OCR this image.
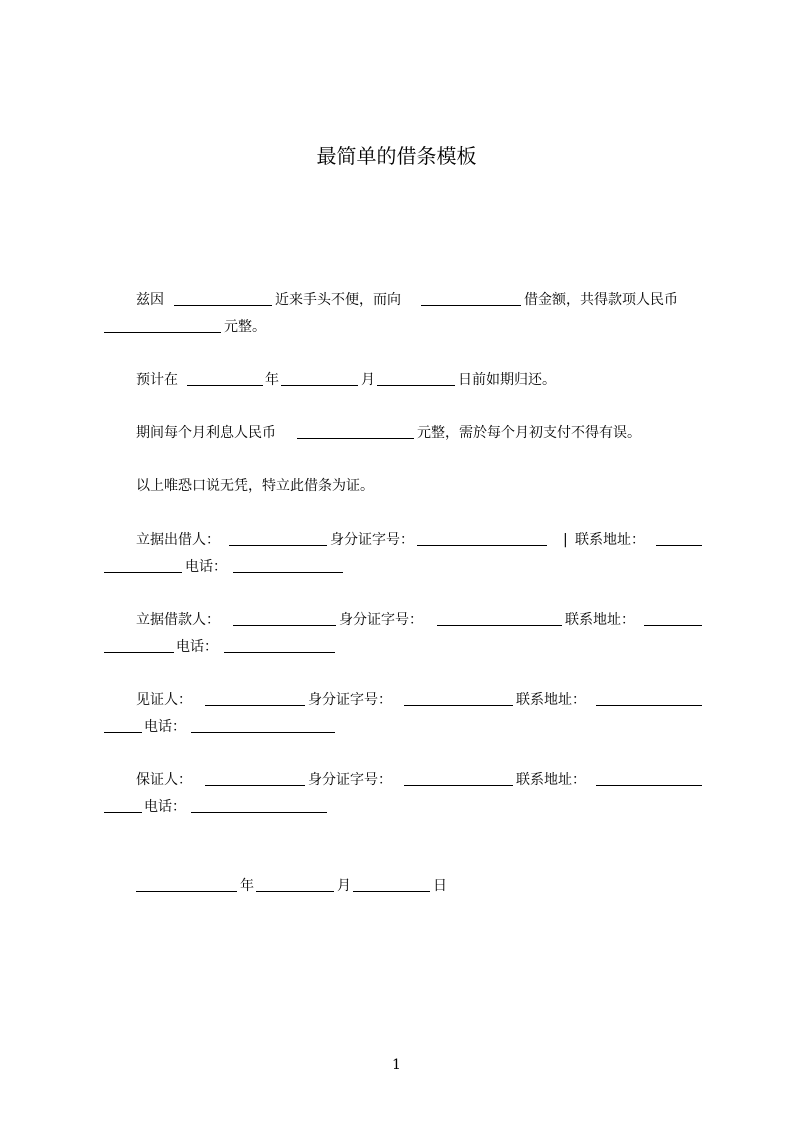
最简单的借条模板
兹因	近来手头不便，而向	借金额，共得款项人民币
元整。
预计在	年	月	日前如期归还。
期间每个月利息人民币	元整，需於每个月初支付不得有误。
以上唯恐口说无凭，特立此借条为证。
立据出借人：	身分证字号：	| 联系地址：
电话：
立据借款人：	身分证字号：	联系地址：
电话：
见证人：	身分证字号：	联系地址：
电话：
保证人：	身分证字号：	联系地址：
电话：
年	月	日
1
